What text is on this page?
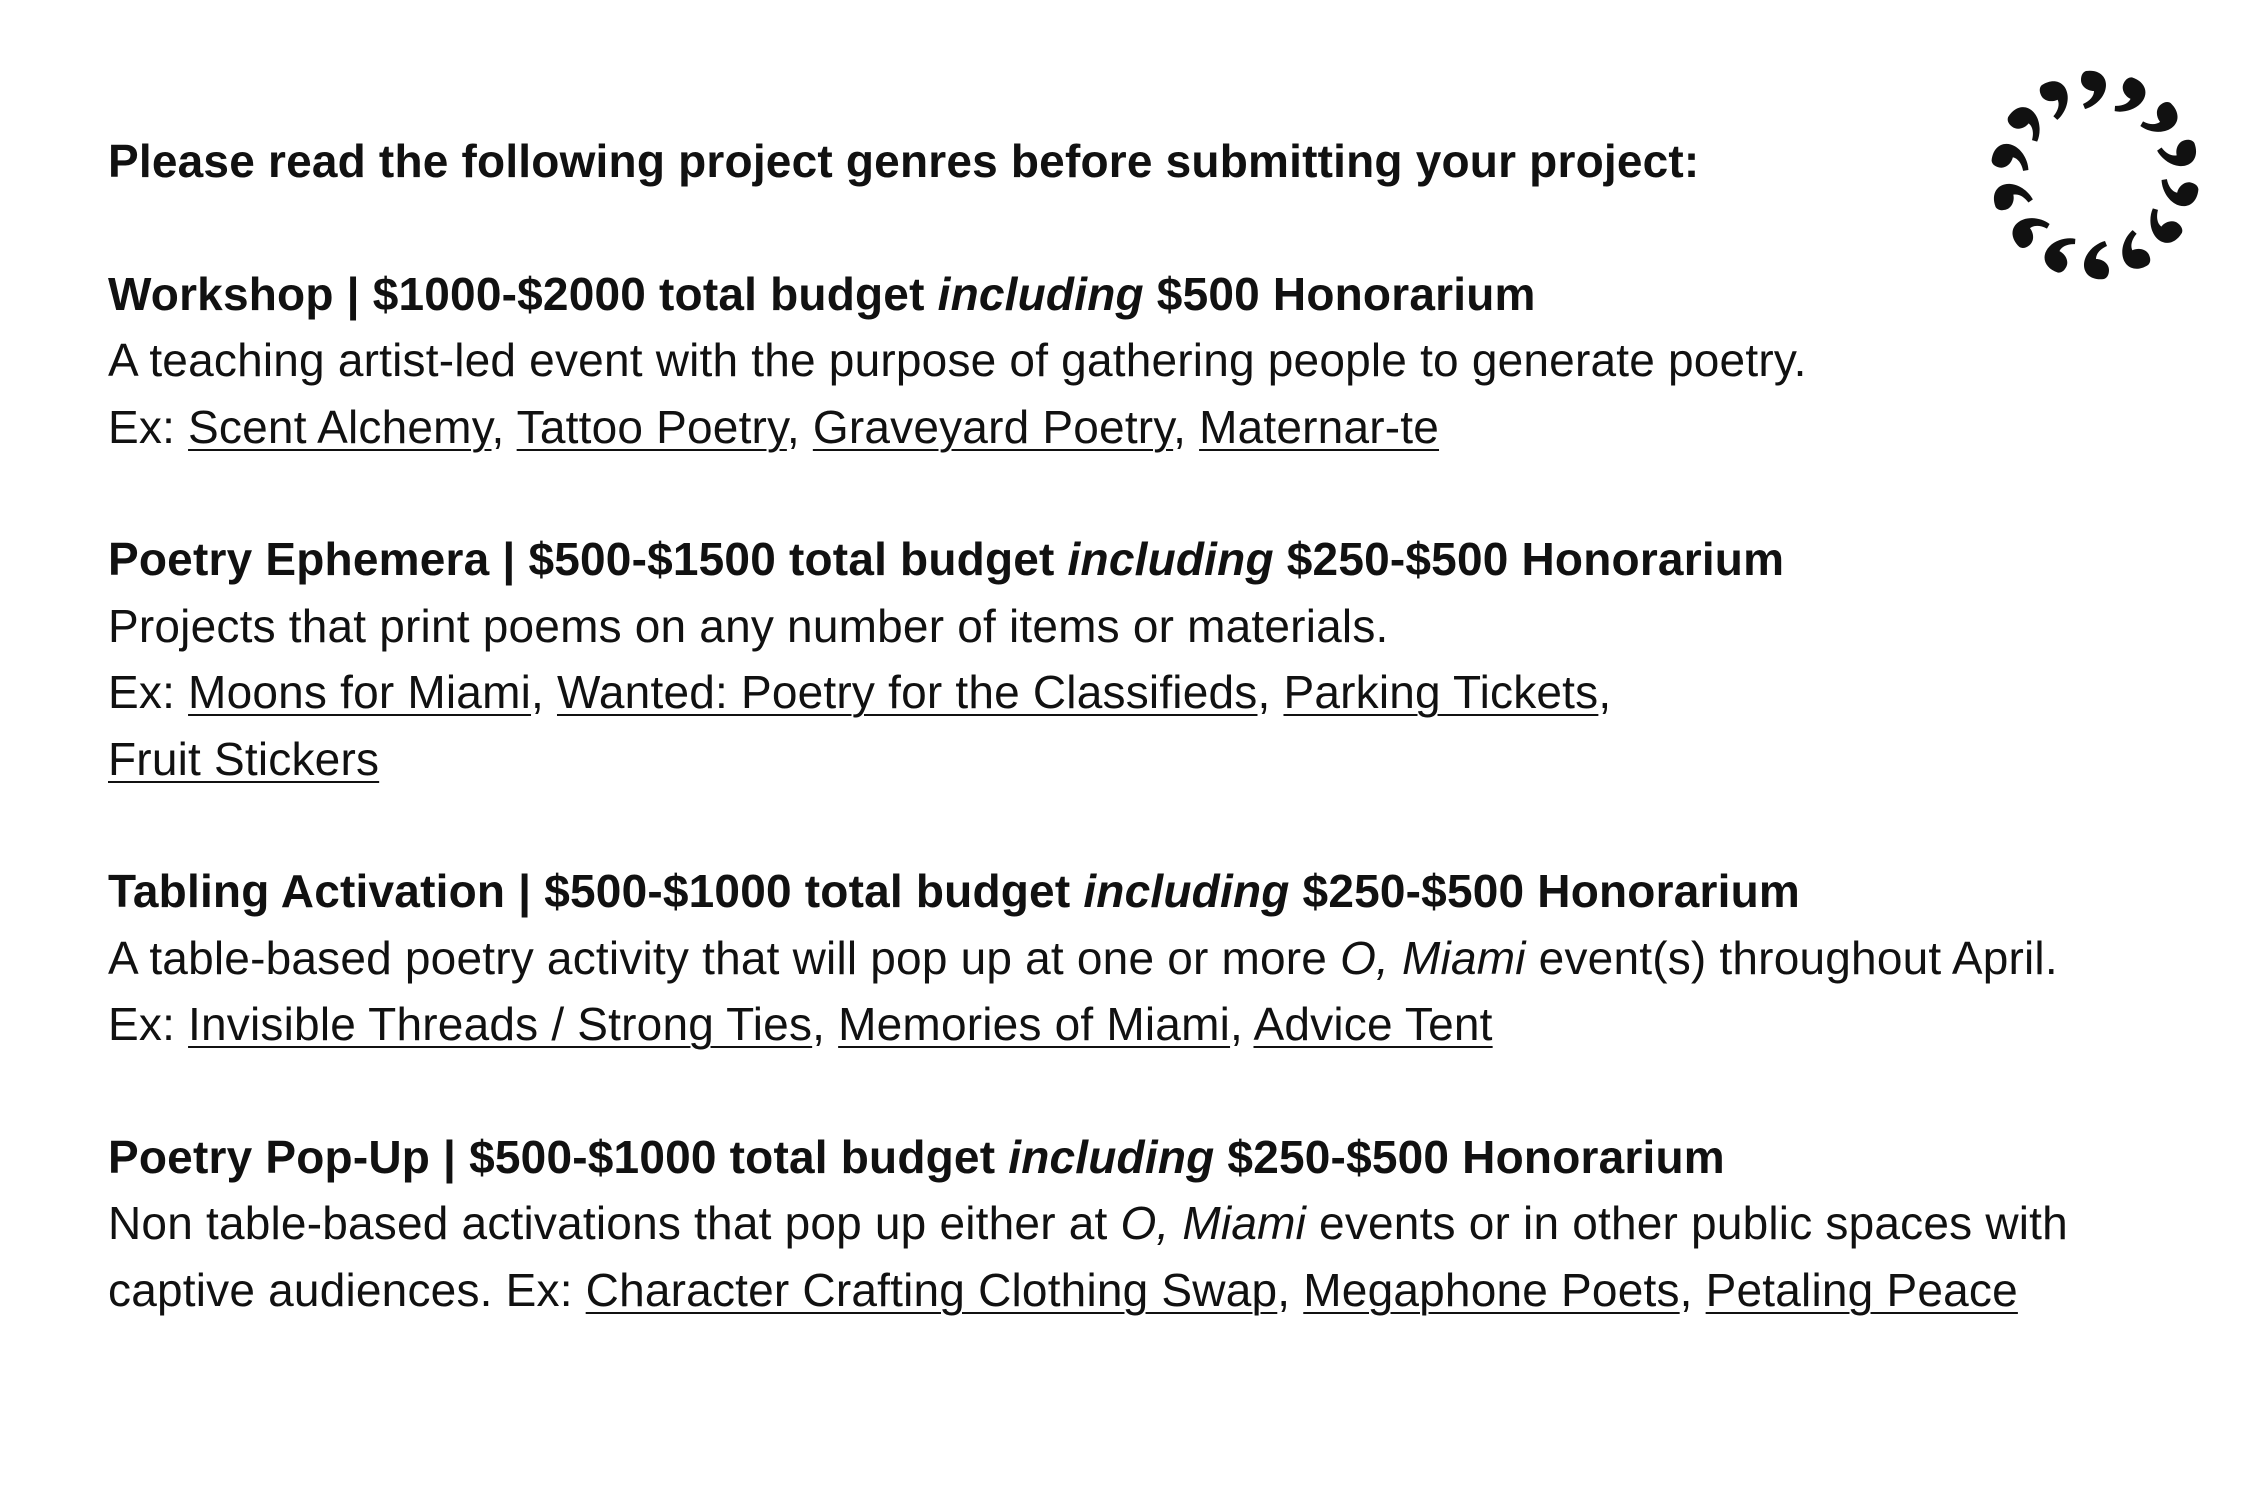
Please read the following project genres before submitting your project:

Workshop | $1000-$2000 total budget including $500 Honorarium
A teaching artist-led event with the purpose of gathering people to generate poetry.
Ex: Scent Alchemy, Tattoo Poetry, Graveyard Poetry, Maternar-te
Poetry Ephemera | $500-$1500 total budget including $250-$500 Honorarium
Projects that print poems on any number of items or materials.
Ex: Moons for Miami, Wanted: Poetry for the Classifieds, Parking Tickets,
Fruit Stickers
Tabling Activation | $500-$1000 total budget including $250-$500 Honorarium
A table-based poetry activity that will pop up at one or more O, Miami event(s) throughout April. Ex: Invisible Threads / Strong Ties, Memories of Miami, Advice Tent
Poetry Pop-Up | $500-$1000 total budget including $250-$500 Honorarium
Non table-based activations that pop up either at O, Miami events or in other public spaces with captive audiences. Ex: Character Crafting Clothing Swap, Megaphone Poets, Petaling Peace
